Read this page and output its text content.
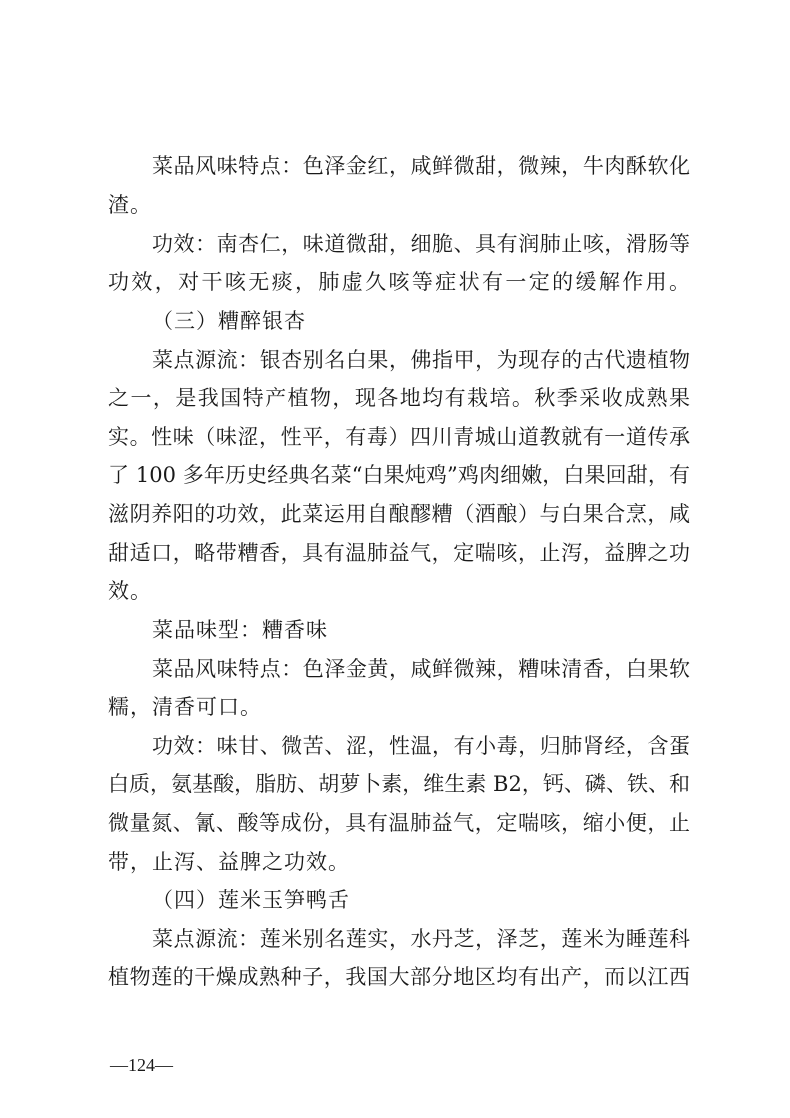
菜品风味特点：色泽金红，咸鲜微甜，微辣，牛肉酥软化
渣。
功效：南杏仁，味道微甜，细脆、具有润肺止咳，滑肠等
功效，对干咳无痰，肺虚久咳等症状有一定的缓解作用。
（三）糟醉银杏
菜点源流：银杏别名白果，佛指甲，为现存的古代遗植物
之一，是我国特产植物，现各地均有栽培。秋季采收成熟果
实。性味（味涩，性平，有毒）四川青城山道教就有一道传承
了 100 多年历史经典名菜“白果炖鸡”鸡肉细嫩，白果回甜，有
滋阴养阳的功效，此菜运用自酿醪糟（酒酿）与白果合烹，咸
甜适口，略带糟香，具有温肺益气，定喘咳，止泻，益脾之功
效。
菜品味型：糟香味
菜品风味特点：色泽金黄，咸鲜微辣，糟味清香，白果软
糯，清香可口。
功效：味甘、微苦、涩，性温，有小毒，归肺肾经，含蛋
白质，氨基酸，脂肪、胡萝卜素，维生素 B2，钙、磷、铁、和
微量氮、氰、酸等成份，具有温肺益气，定喘咳，缩小便，止
带，止泻、益脾之功效。
（四）莲米玉笋鸭舌
菜点源流：莲米别名莲实，水丹芝，泽芝，莲米为睡莲科
植物莲的干燥成熟种子，我国大部分地区均有出产，而以江西
—124—
